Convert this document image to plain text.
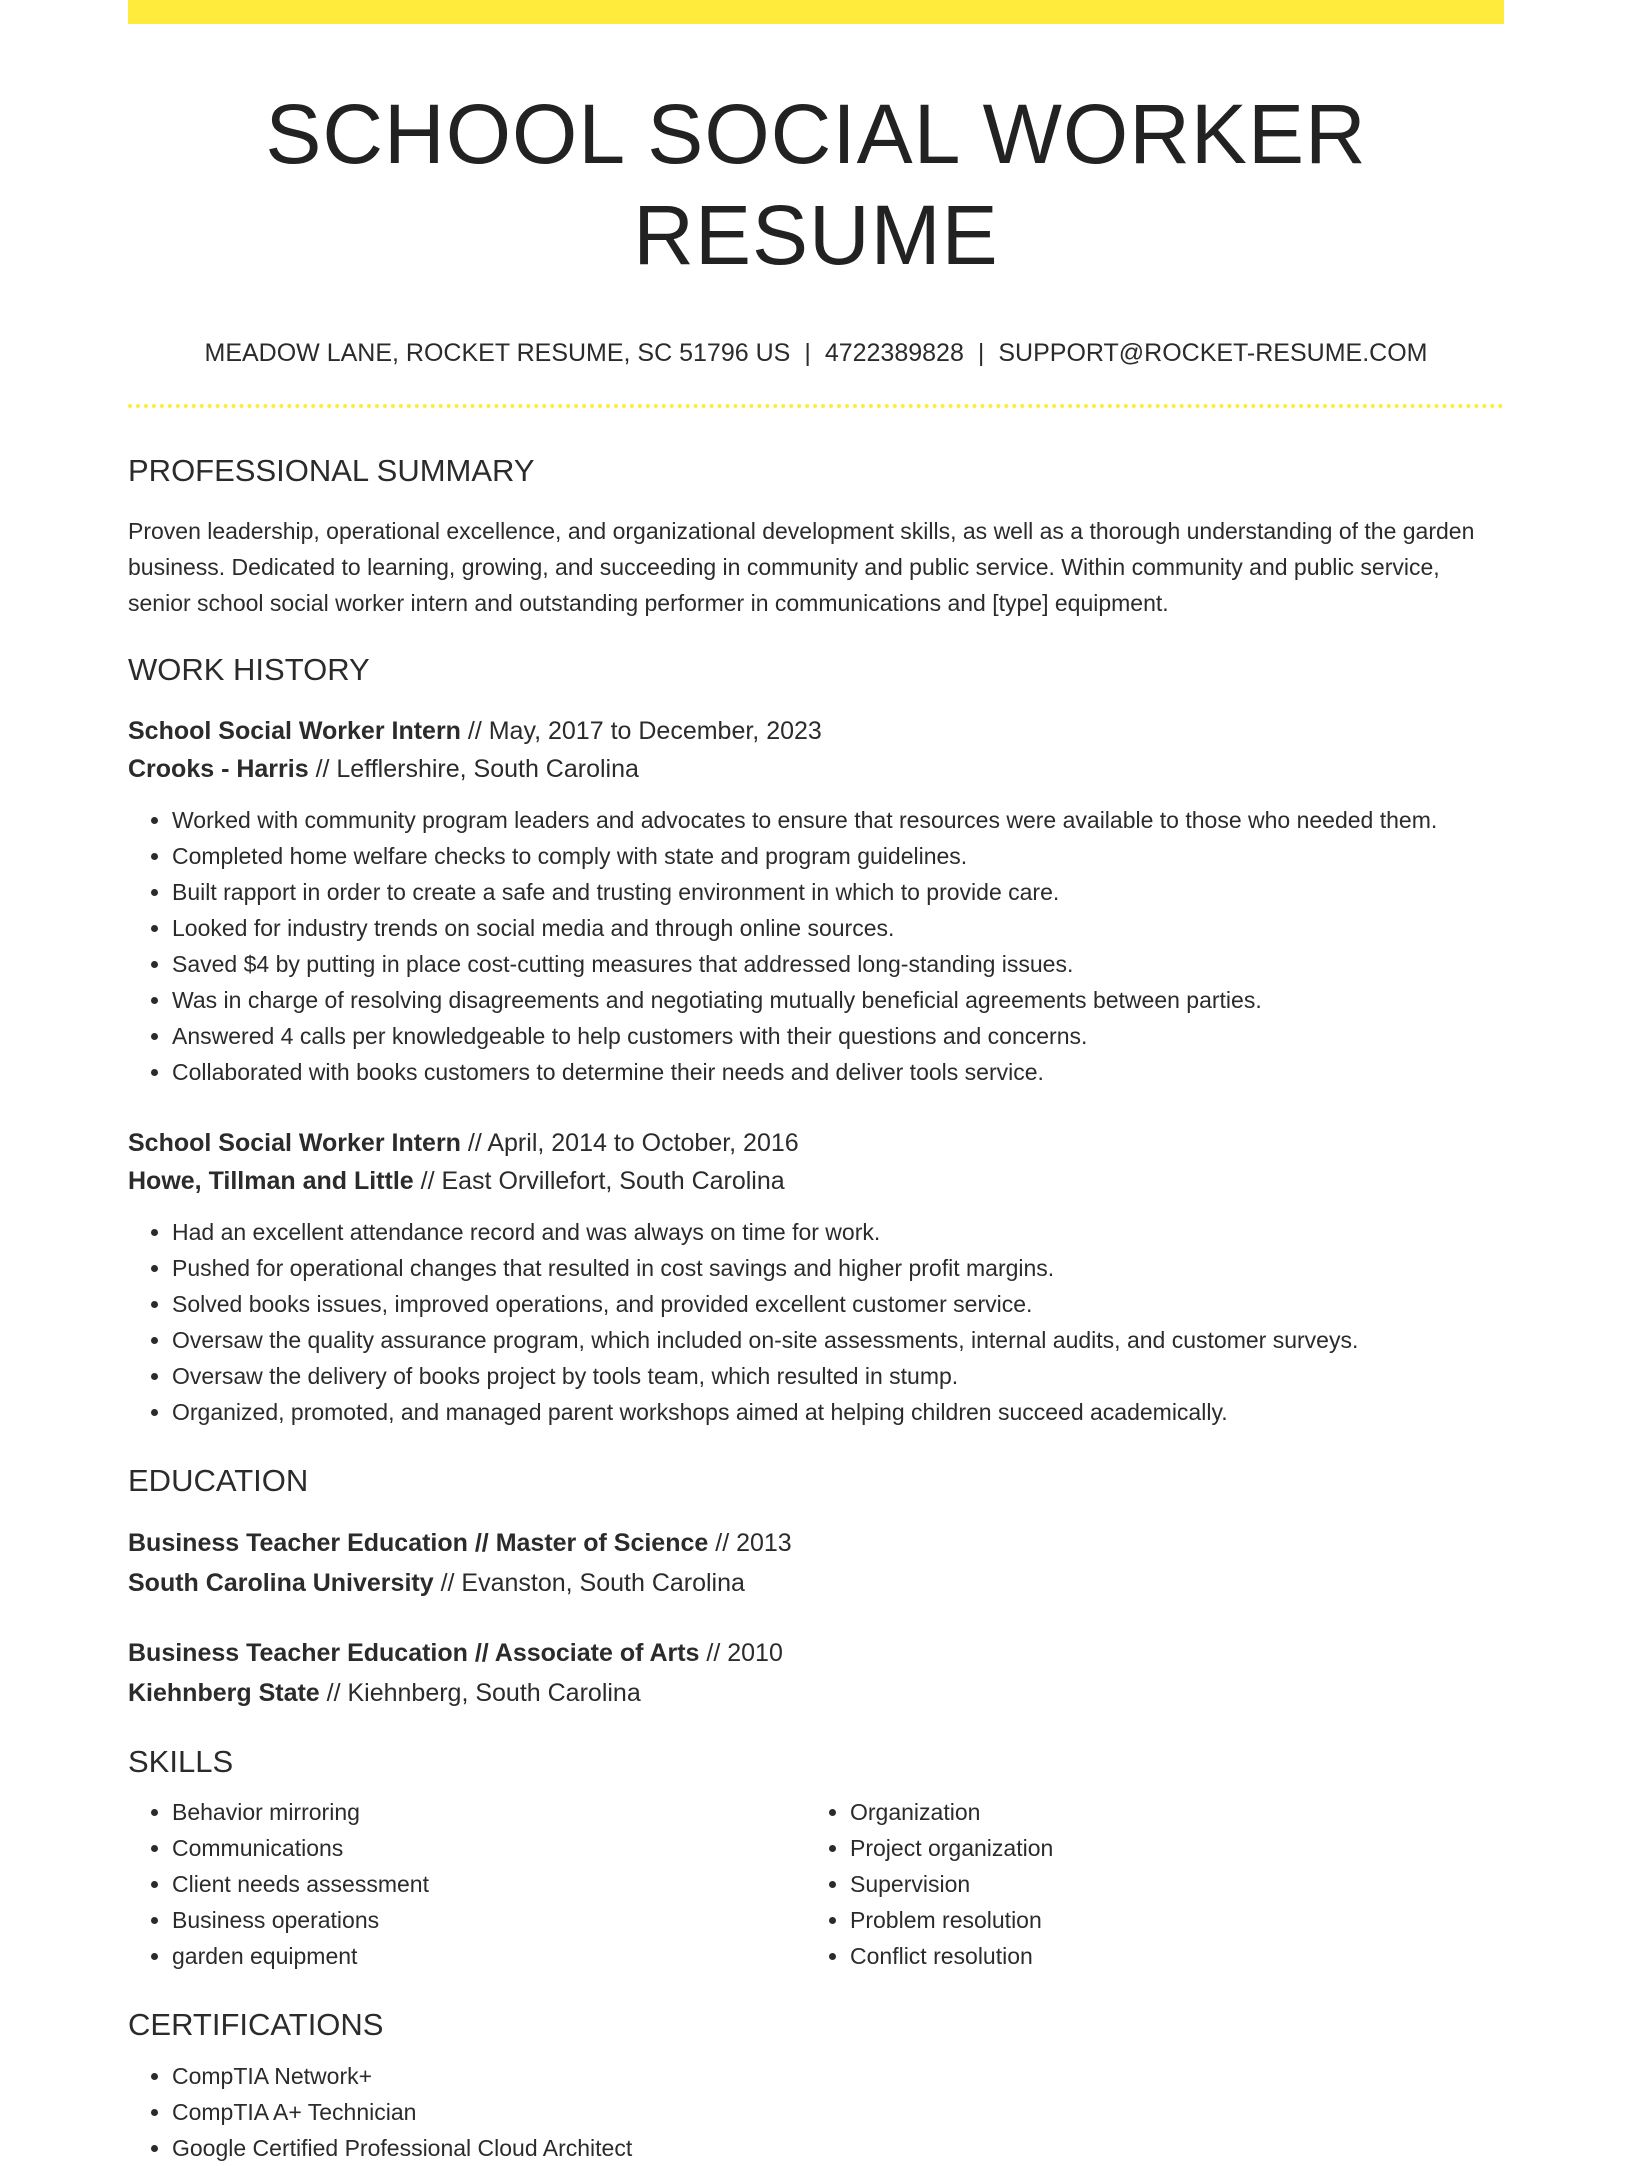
SCHOOL SOCIAL WORKER RESUME
MEADOW LANE, ROCKET RESUME, SC 51796 US | 4722389828 | SUPPORT@ROCKET-RESUME.COM
PROFESSIONAL SUMMARY

Proven leadership, operational excellence, and organizational development skills, as well as a thorough understanding of the garden business. Dedicated to learning, growing, and succeeding in community and public service. Within community and public service, senior school social worker intern and outstanding performer in communications and [type] equipment.

WORK HISTORY
School Social Worker Intern // May, 2017 to December, 2023
Crooks - Harris // Lefflershire, South Carolina
• Worked with community program leaders and advocates to ensure that resources were available to those who needed them.
• Completed home welfare checks to comply with state and program guidelines.
• Built rapport in order to create a safe and trusting environment in which to provide care.
• Looked for industry trends on social media and through online sources.
• Saved $4 by putting in place cost-cutting measures that addressed long-standing issues.
• Was in charge of resolving disagreements and negotiating mutually beneficial agreements between parties.
• Answered 4 calls per knowledgeable to help customers with their questions and concerns.
• Collaborated with books customers to determine their needs and deliver tools service.
School Social Worker Intern // April, 2014 to October, 2016
Howe, Tillman and Little // East Orvillefort, South Carolina
• Had an excellent attendance record and was always on time for work.
• Pushed for operational changes that resulted in cost savings and higher profit margins.
• Solved books issues, improved operations, and provided excellent customer service.
• Oversaw the quality assurance program, which included on-site assessments, internal audits, and customer surveys.
• Oversaw the delivery of books project by tools team, which resulted in stump.
• Organized, promoted, and managed parent workshops aimed at helping children succeed academically.
EDUCATION
Business Teacher Education // Master of Science // 2013
South Carolina University // Evanston, South Carolina
Business Teacher Education // Associate of Arts // 2010
Kiehnberg State // Kiehnberg, South Carolina
SKILLS
• Behavior mirroring
• Communications
• Client needs assessment
• Business operations
• garden equipment
• Organization
• Project organization
• Supervision
• Problem resolution
• Conflict resolution
CERTIFICATIONS
• CompTIA Network+
• CompTIA A+ Technician
• Google Certified Professional Cloud Architect
